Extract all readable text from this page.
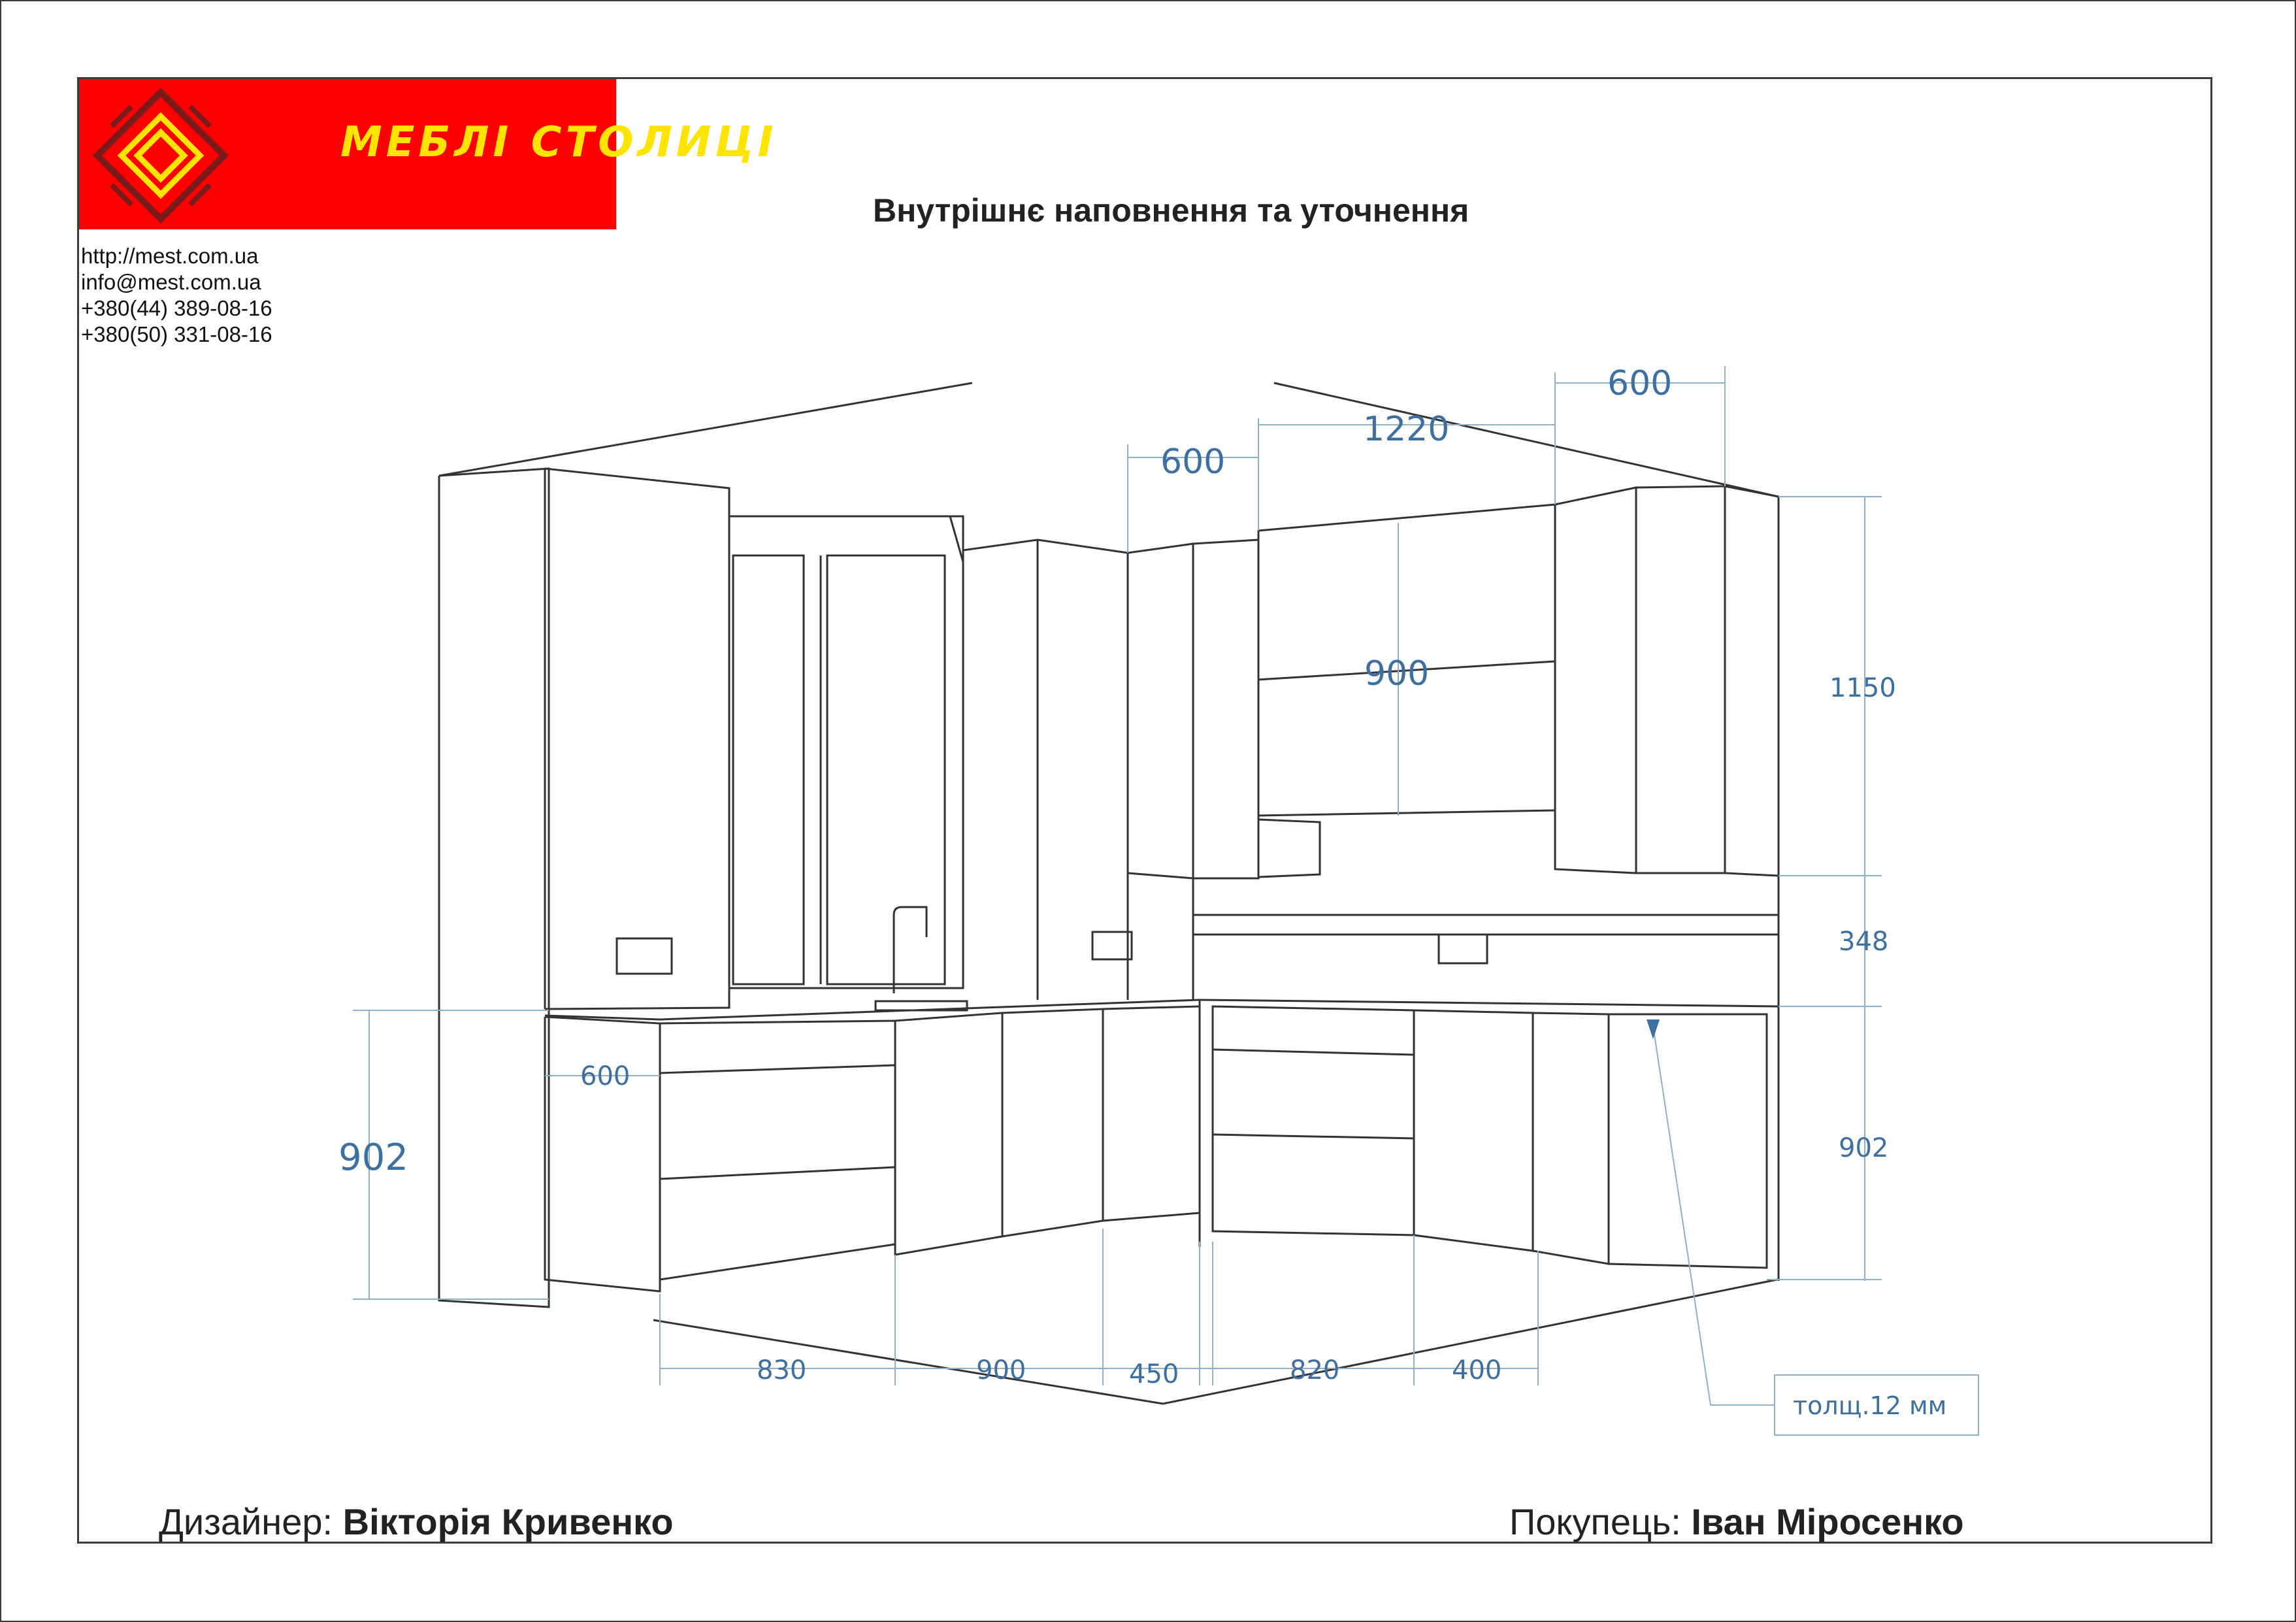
МЕБЛІ СТОЛИЦІ
http://mest.com.ua
info@mest.com.ua
+380(44) 389-08-16
+380(50) 331-08-16
Внутрішнє наповнення та уточнення
600
1220
600
900	1150
348
902
902
600
830	900	450	820	400
толщ.12 мм
Дизайнер: Вікторія Кривенко	Покупець: Іван Міросенко
